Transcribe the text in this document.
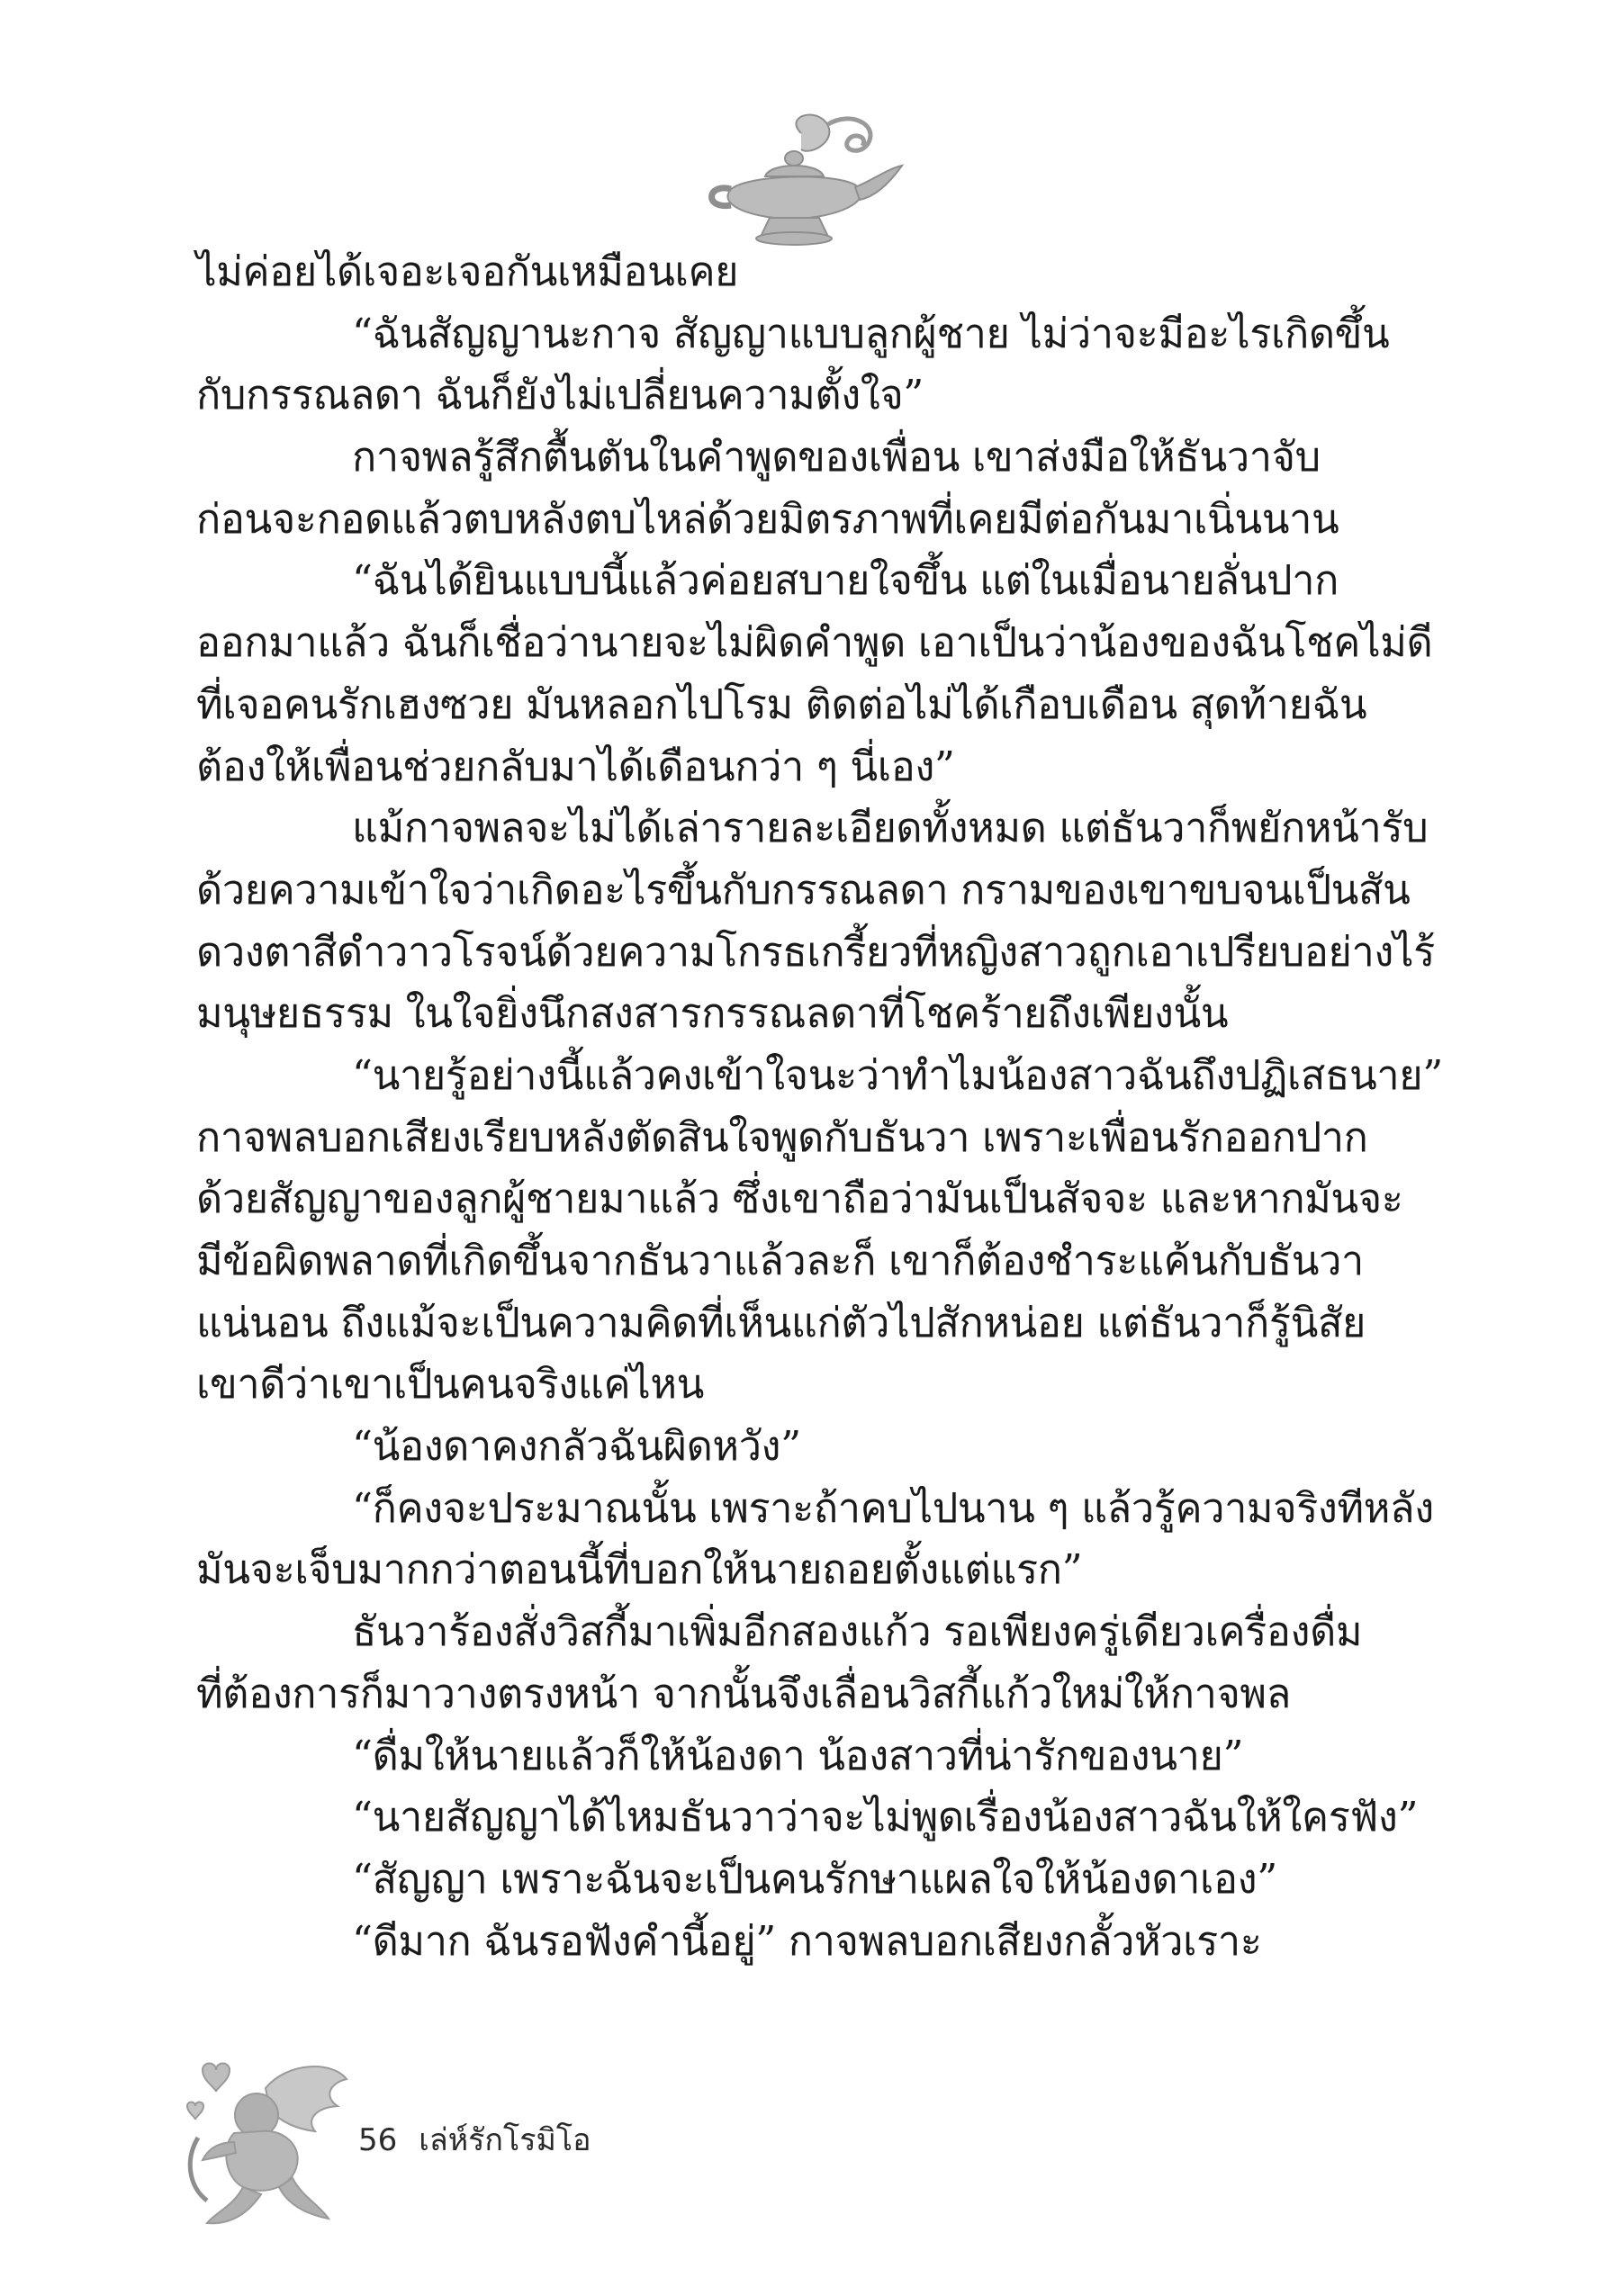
ไม่ค่อยได้เจอะเจอกันเหมือนเคย
“ฉันสัญญานะกาจ สัญญาแบบลูกผู้ชาย ไม่ว่าจะมีอะไรเกิดขึ้น
กับกรรณลดา ฉันก็ยังไม่เปลี่ยนความตั้งใจ”
กาจพลรู้สึกตื้นตันในคำพูดของเพื่อน เขาส่งมือให้ธันวาจับ
ก่อนจะกอดแล้วตบหลังตบไหล่ด้วยมิตรภาพที่เคยมีต่อกันมาเนิ่นนาน
“ฉันได้ยินแบบนี้แล้วค่อยสบายใจขึ้น แต่ในเมื่อนายลั่นปาก
ออกมาแล้ว ฉันก็เชื่อว่านายจะไม่ผิดคำพูด เอาเป็นว่าน้องของฉันโชคไม่ดี
ที่เจอคนรักเฮงซวย มันหลอกไปโรม ติดต่อไม่ได้เกือบเดือน สุดท้ายฉัน
ต้องให้เพื่อนช่วยกลับมาได้เดือนกว่า ๆ นี่เอง”
แม้กาจพลจะไม่ได้เล่ารายละเอียดทั้งหมด แต่ธันวาก็พยักหน้ารับ
ด้วยความเข้าใจว่าเกิดอะไรขึ้นกับกรรณลดา กรามของเขาขบจนเป็นสัน
ดวงตาสีดำวาวโรจน์ด้วยความโกรธเกรี้ยวที่หญิงสาวถูกเอาเปรียบอย่างไร้
มนุษยธรรม ในใจยิ่งนึกสงสารกรรณลดาที่โชคร้ายถึงเพียงนั้น
“นายรู้อย่างนี้แล้วคงเข้าใจนะว่าทำไมน้องสาวฉันถึงปฏิเสธนาย”
กาจพลบอกเสียงเรียบหลังตัดสินใจพูดกับธันวา เพราะเพื่อนรักออกปาก
ด้วยสัญญาของลูกผู้ชายมาแล้ว ซึ่งเขาถือว่ามันเป็นสัจจะ และหากมันจะ
มีข้อผิดพลาดที่เกิดขึ้นจากธันวาแล้วละก็ เขาก็ต้องชำระแค้นกับธันวา
แน่นอน ถึงแม้จะเป็นความคิดที่เห็นแก่ตัวไปสักหน่อย แต่ธันวาก็รู้นิสัย
เขาดีว่าเขาเป็นคนจริงแค่ไหน
“น้องดาคงกลัวฉันผิดหวัง”
“ก็คงจะประมาณนั้น เพราะถ้าคบไปนาน ๆ แล้วรู้ความจริงทีหลัง
มันจะเจ็บมากกว่าตอนนี้ที่บอกให้นายถอยตั้งแต่แรก”
ธันวาร้องสั่งวิสกี้มาเพิ่มอีกสองแก้ว รอเพียงครู่เดียวเครื่องดื่ม
ที่ต้องการก็มาวางตรงหน้า จากนั้นจึงเลื่อนวิสกี้แก้วใหม่ให้กาจพล
“ดื่มให้นายแล้วก็ให้น้องดา น้องสาวที่น่ารักของนาย”
“นายสัญญาได้ไหมธันวาว่าจะไม่พูดเรื่องน้องสาวฉันให้ใครฟัง”
“สัญญา เพราะฉันจะเป็นคนรักษาแผลใจให้น้องดาเอง”
“ดีมาก ฉันรอฟังคำนี้อยู่” กาจพลบอกเสียงกลั้วหัวเราะ
56 เล่ห์รักโรมิโอ
